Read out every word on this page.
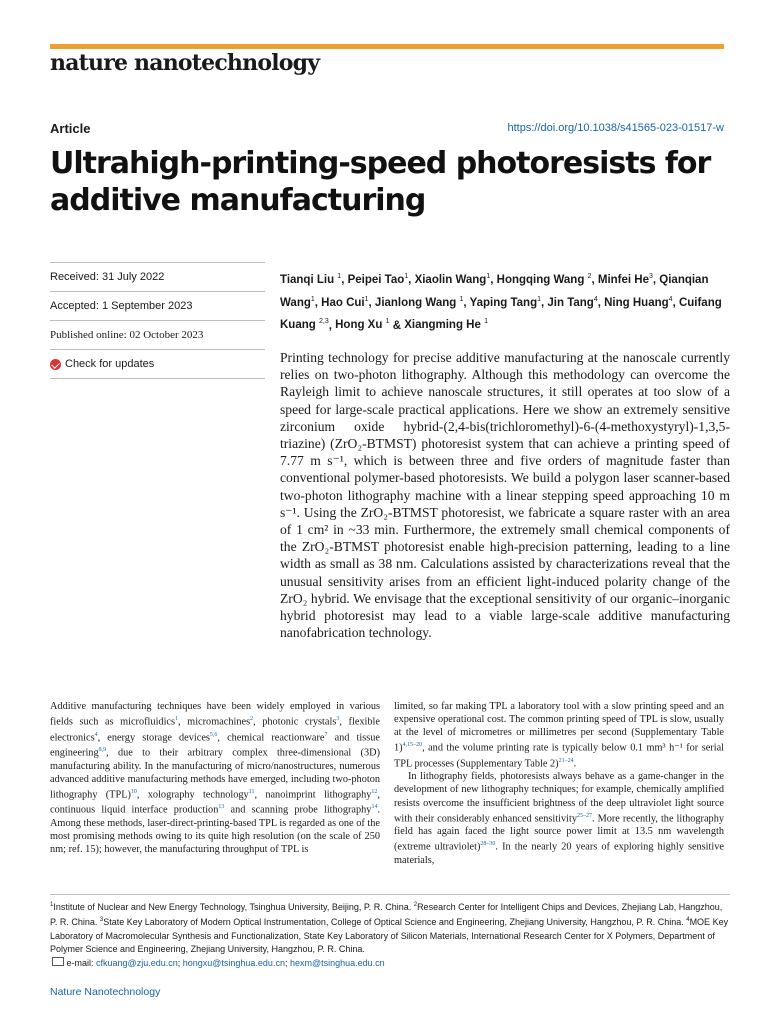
nature nanotechnology
Article	https://doi.org/10.1038/s41565-023-01517-w
Ultrahigh-printing-speed photoresists for additive manufacturing
Received: 31 July 2022
Accepted: 1 September 2023
Published online: 02 October 2023
Check for updates
Tianqi Liu $^1$, Peipei Tao$^1$, Xiaolin Wang$^1$, Hongqing Wang $^2$, Minfei He$^3$, Qianqian Wang$^1$, Hao Cui$^1$, Jianlong Wang $^1$, Yaping Tang$^1$, Jin Tang$^4$, Ning Huang$^4$, Cuifang Kuang $^{2,3}$, Hong Xu $^1$ & Xiangming He $^1$

Printing technology for precise additive manufacturing at the nanoscale currently relies on two-photon lithography. Although this methodology can overcome the Rayleigh limit to achieve nanoscale structures, it still operates at too slow of a speed for large-scale practical applications. Here we show an extremely sensitive zirconium oxide hybrid-(2,4-bis(trichloromethyl)-6-(4-methoxystyryl)-1,3,5-triazine) (ZrO₂-BTMST) photoresist system that can achieve a printing speed of 7.77 m s⁻¹, which is between three and five orders of magnitude faster than conventional polymer-based photoresists. We build a polygon laser scanner-based two-photon lithography machine with a linear stepping speed approaching 10 m s⁻¹. Using the ZrO₂-BTMST photoresist, we fabricate a square raster with an area of 1 cm² in ~33 min. Furthermore, the extremely small chemical components of the ZrO₂-BTMST photoresist enable high-precision patterning, leading to a line width as small as 38 nm. Calculations assisted by characterizations reveal that the unusual sensitivity arises from an efficient light-induced polarity change of the ZrO₂ hybrid. We envisage that the exceptional sensitivity of our organic–inorganic hybrid photoresist may lead to a viable large-scale additive manufacturing nanofabrication technology.

Additive manufacturing techniques have been widely employed in various fields such as microfluidics$^1$, micromachines$^2$, photonic crystals$^3$, flexible electronics$^4$, energy storage devices$^{5,6}$, chemical reactionware$^7$ and tissue engineering$^{8,9}$, due to their arbitrary complex three-dimensional (3D) manufacturing ability. In the manufacturing of micro/nanostructures, numerous advanced additive manufacturing methods have emerged, including two-photon lithography (TPL)$^{10}$, xolography technology$^{11}$, nanoimprint lithography$^{12}$, continuous liquid interface production$^{13}$ and scanning probe lithography$^{14}$. Among these methods, laser-direct-printing-based TPL is regarded as one of the most promising methods owing to its quite high resolution (on the scale of 250 nm; ref. 15); however, the manufacturing throughput of TPL is

limited, so far making TPL a laboratory tool with a slow printing speed and an expensive operational cost. The common printing speed of TPL is slow, usually at the level of micrometres or millimetres per second (Supplementary Table 1)$^{4,15-20}$, and the volume printing rate is typically below 0.1 mm³ h⁻¹ for serial TPL processes (Supplementary Table 2)$^{21-24}$.

In lithography fields, photoresists always behave as a game-changer in the development of new lithography techniques; for example, chemically amplified resists overcome the insufficient brightness of the deep ultraviolet light source with their considerably enhanced sensitivity$^{25-27}$. More recently, the lithography field has again faced the light source power limit at 13.5 nm wavelength (extreme ultraviolet)$^{28-30}$. In the nearly 20 years of exploring highly sensitive materials,

$^1$Institute of Nuclear and New Energy Technology, Tsinghua University, Beijing, P. R. China. $^2$Research Center for Intelligent Chips and Devices, Zhejiang Lab, Hangzhou, P. R. China. $^3$State Key Laboratory of Modern Optical Instrumentation, College of Optical Science and Engineering, Zhejiang University, Hangzhou, P. R. China. $^4$MOE Key Laboratory of Macromolecular Synthesis and Functionalization, State Key Laboratory of Silicon Materials, International Research Center for X Polymers, Department of Polymer Science and Engineering, Zhejiang University, Hangzhou, P. R. China.
e-mail: cfkuang@zju.edu.cn; hongxu@tsinghua.edu.cn; hexm@tsinghua.edu.cn
Nature Nanotechnology
